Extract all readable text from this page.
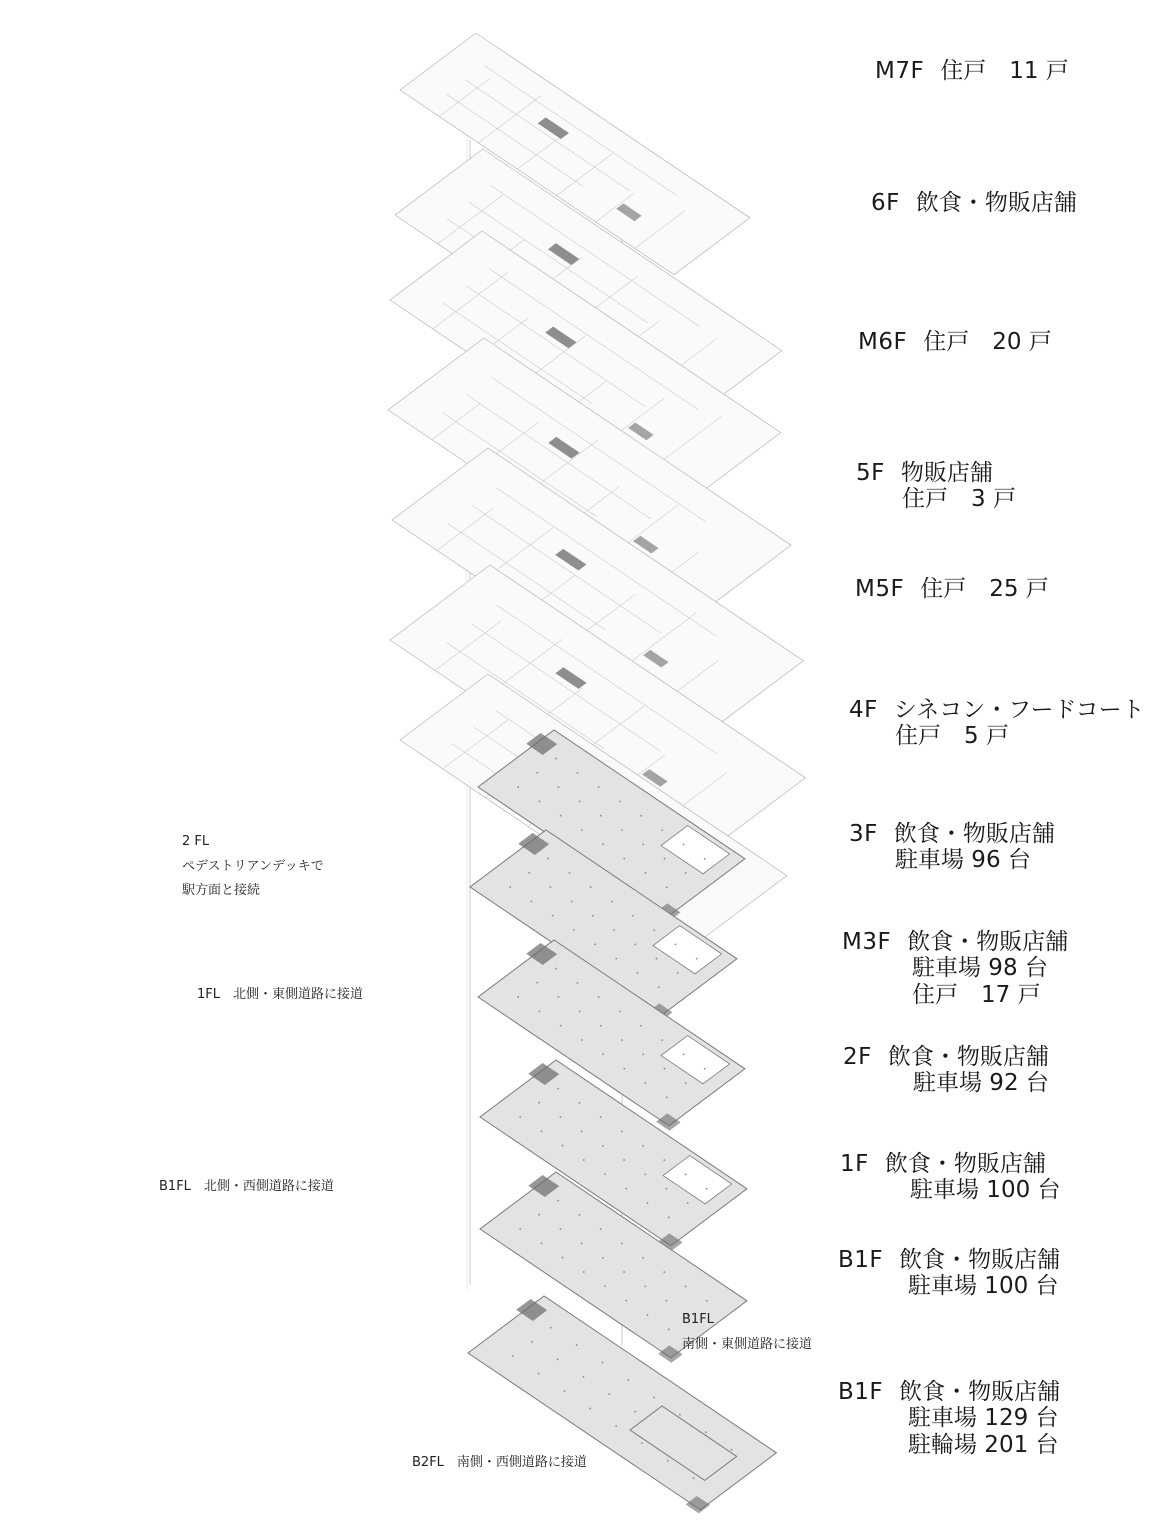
M7F　 住戸　11 戸
6F　 飲食・物販店舗
M6F　 住戸　20 戸
5F　 物販店舗
住戸　3 戸
M5F　 住戸　25 戸
4F　 シネコン・フードコート
住戸　5 戸
3F　 飲食・物販店舗
駐車場 96 台
M3F　 飲食・物販店舗
駐車場 98 台
住戸　17 戸
2F　 飲食・物販店舗
駐車場 92 台
1F　 飲食・物販店舗
駐車場 100 台
B1F　 飲食・物販店舗
駐車場 100 台
B1F　 飲食・物販店舗
駐車場 129 台
駐輪場 201 台
2 FL
ペデストリアンデッキで
駅方面と接続
1FL　北側・東側道路に接道
B1FL　北側・西側道路に接道
B1FL
南側・東側道路に接道
B2FL　南側・西側道路に接道
